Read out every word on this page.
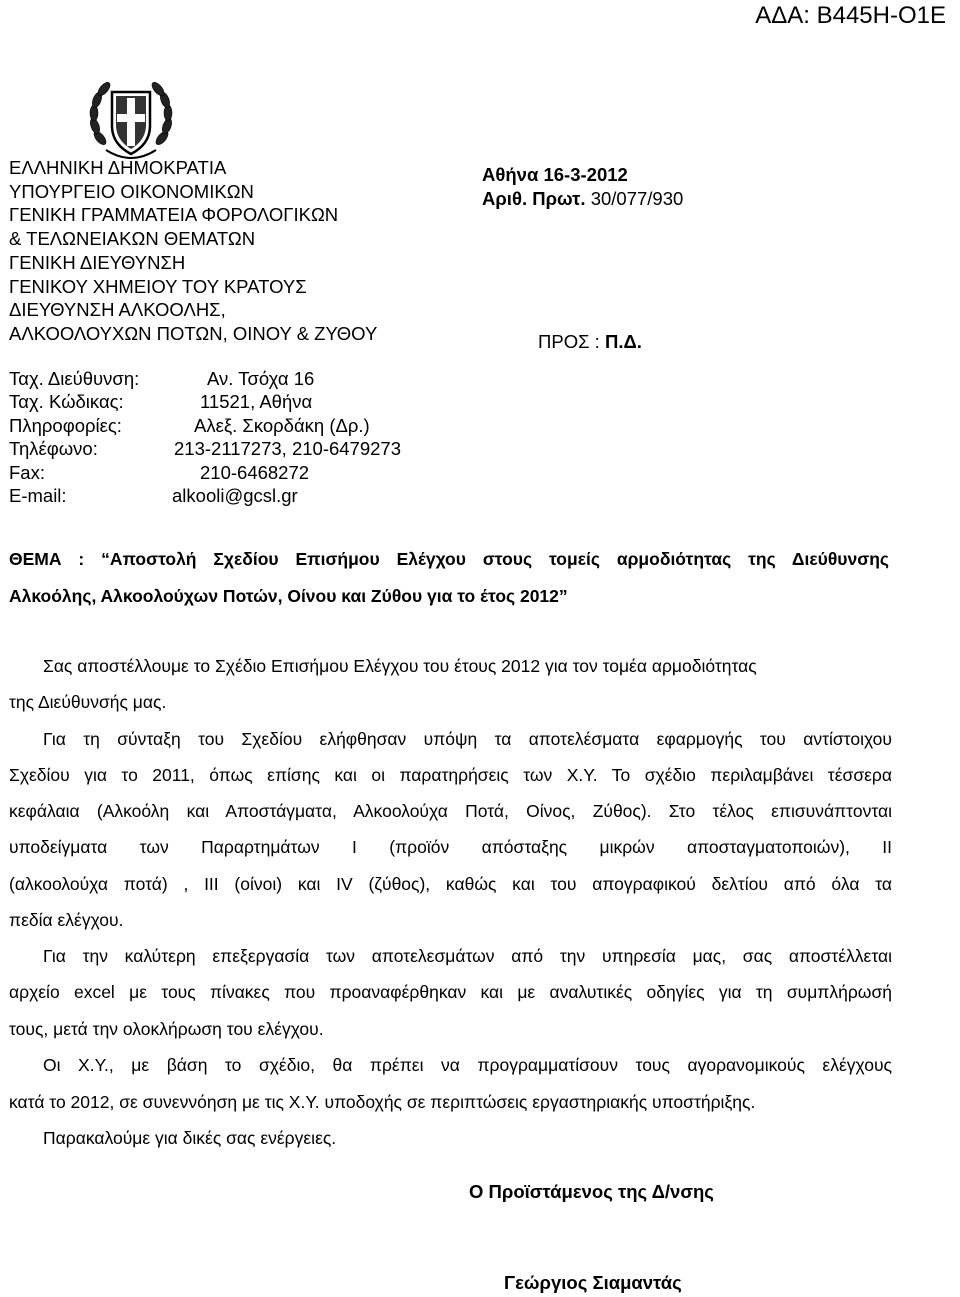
ΑΔΑ: Β445Η-Ο1Ε
ΕΛΛΗΝΙΚΗ ΔΗΜΟΚΡΑΤΙΑ
ΥΠΟΥΡΓΕΙΟ ΟΙΚΟΝΟΜΙΚΩΝ
ΓΕΝΙΚΗ ΓΡΑΜΜΑΤΕΙΑ ΦΟΡΟΛΟΓΙΚΩΝ
& ΤΕΛΩΝΕΙΑΚΩΝ ΘΕΜΑΤΩΝ
ΓΕΝΙΚΗ ΔΙΕΥΘΥΝΣΗ
ΓΕΝΙΚΟΥ ΧΗΜΕΙΟΥ ΤΟΥ ΚΡΑΤΟΥΣ
ΔΙΕΥΘΥΝΣΗ ΑΛΚΟΟΛΗΣ,
ΑΛΚΟΟΛΟΥΧΩΝ ΠΟΤΩΝ, ΟΙΝΟΥ & ΖΥΘΟΥ
Ταχ. Διεύθυνση:	Αν. Τσόχα 16
Ταχ. Κώδικας:	11521, Αθήνα
Πληροφορίες:	Αλεξ. Σκορδάκη (Δρ.)
Τηλέφωνο:	213-2117273, 210-6479273
Fax:	210-6468272
E-mail:	alkooli@gcsl.gr
Αθήνα 16-3-2012
Αριθ. Πρωτ. 30/077/930
ΠΡΟΣ : Π.Δ.
ΘΕΜΑ : “Αποστολή Σχεδίου Επισήμου Ελέγχου στους τομείς αρμοδιότητας της Διεύθυνσης
Αλκοόλης, Αλκοολούχων Ποτών, Οίνου και Ζύθου για το έτος 2012”
Σας αποστέλλουμε το Σχέδιο Επισήμου Ελέγχου του έτους 2012 για τον τομέα αρμοδιότητας
της Διεύθυνσής μας.
Για τη σύνταξη του Σχεδίου ελήφθησαν υπόψη τα αποτελέσματα εφαρμογής του αντίστοιχου
Σχεδίου για το 2011, όπως επίσης και οι παρατηρήσεις των Χ.Υ. Το σχέδιο περιλαμβάνει τέσσερα
κεφάλαια (Αλκοόλη και Αποστάγματα, Αλκοολούχα Ποτά, Οίνος, Ζύθος). Στο τέλος επισυνάπτονται
υποδείγματα των Παραρτημάτων Ι (προϊόν απόσταξης μικρών αποσταγματοποιών), ΙΙ
(αλκοολούχα ποτά) , ΙΙΙ (οίνοι) και ΙV (ζύθος), καθώς και του απογραφικού δελτίου από όλα τα
πεδία ελέγχου.
Για την καλύτερη επεξεργασία των αποτελεσμάτων από την υπηρεσία μας, σας αποστέλλεται
αρχείο excel με τους πίνακες που προαναφέρθηκαν και με αναλυτικές οδηγίες για τη συμπλήρωσή
τους, μετά την ολοκλήρωση του ελέγχου.
Οι Χ.Υ., με βάση το σχέδιο, θα πρέπει να προγραμματίσουν τους αγορανομικούς ελέγχους
κατά το 2012, σε συνεννόηση με τις Χ.Υ. υποδοχής σε περιπτώσεις εργαστηριακής υποστήριξης.
Παρακαλούμε για δικές σας ενέργειες.
Ο Προϊστάμενος της Δ/νσης
Γεώργιος Σιαμαντάς
